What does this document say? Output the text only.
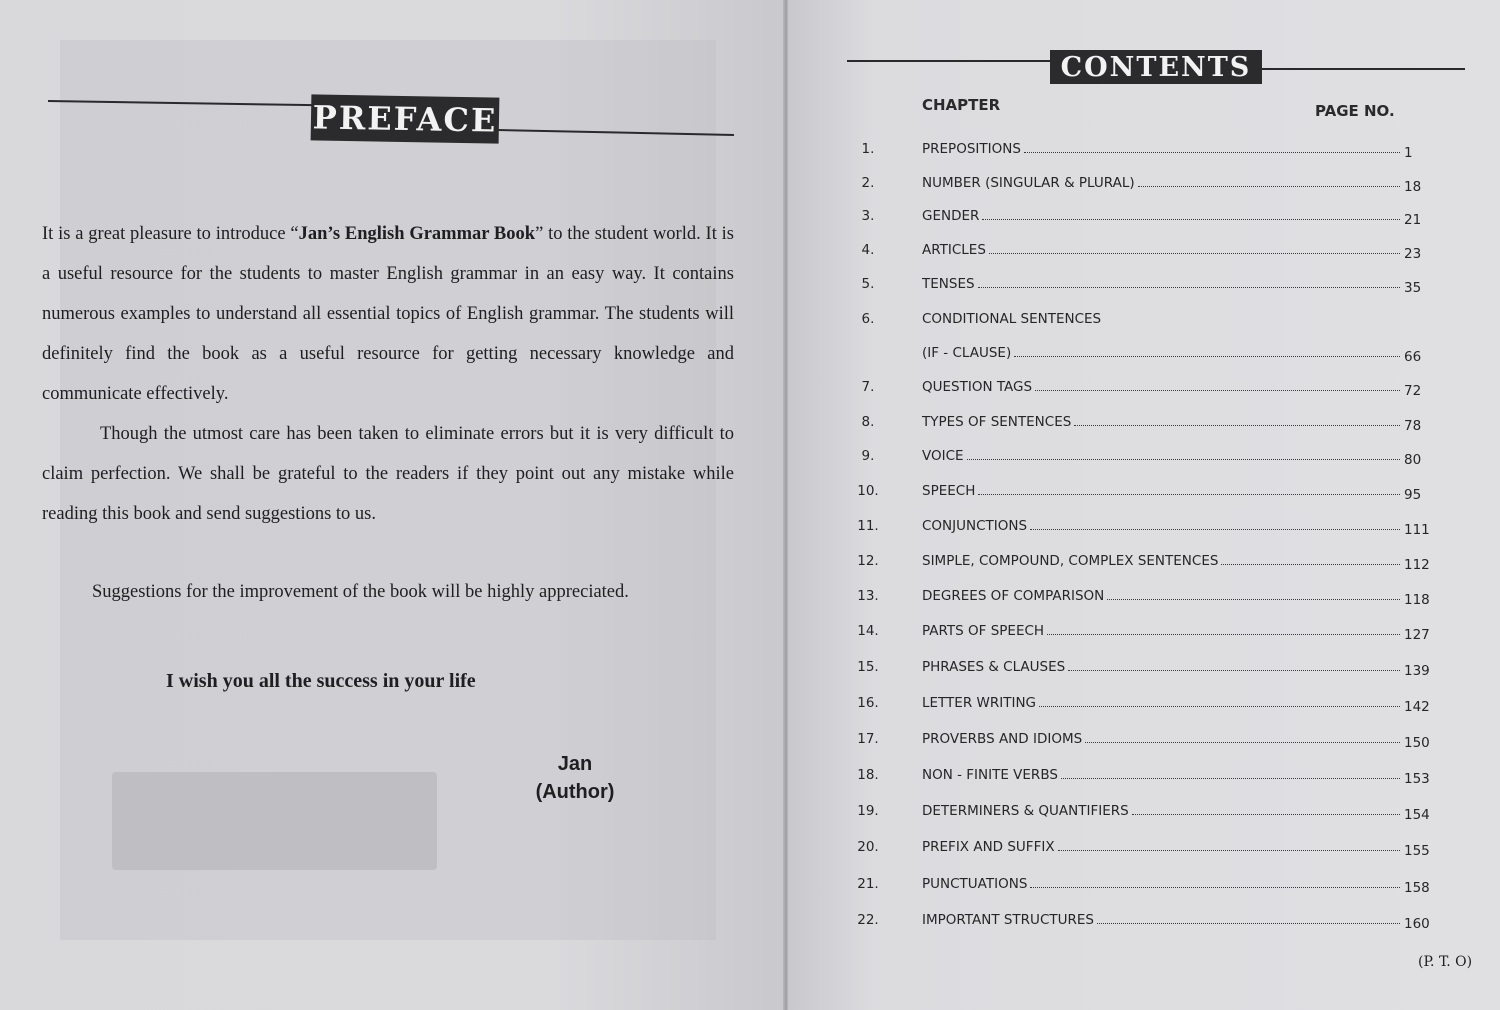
PREFACE

It is a great pleasure to introduce “Jan’s English Grammar Book” to the student world. It is a useful resource for the students to master English grammar in an easy way. It contains numerous examples to understand all essential topics of English grammar. The students will definitely find the book as a useful resource for getting necessary knowledge and communicate effectively.

Though the utmost care has been taken to eliminate errors but it is very difficult to claim perfection. We shall be grateful to the readers if they point out any mistake while reading this book and send suggestions to us.

Suggestions for the improvement of the book will be highly appreciated.
I wish you all the success in your life
Jan
(Author)
CONTENTS
CHAPTER	PAGE NO.
1.	PREPOSITIONS	1
2.	NUMBER (SINGULAR & PLURAL)	18
3.	GENDER	21
4.	ARTICLES	23
5.	TENSES	35
6.	CONDITIONAL SENTENCES
(IF - CLAUSE)	66
7.	QUESTION TAGS	72
8.	TYPES OF SENTENCES	78
9.	VOICE	80
10.	SPEECH	95
11.	CONJUNCTIONS	111
12.	SIMPLE, COMPOUND, COMPLEX SENTENCES	112
13.	DEGREES OF COMPARISON	118
14.	PARTS OF SPEECH	127
15.	PHRASES & CLAUSES	139
16.	LETTER WRITING	142
17.	PROVERBS AND IDIOMS	150
18.	NON - FINITE VERBS	153
19.	DETERMINERS & QUANTIFIERS	154
20.	PREFIX AND SUFFIX	155
21.	PUNCTUATIONS	158
22.	IMPORTANT STRUCTURES	160
(P. T. O)
